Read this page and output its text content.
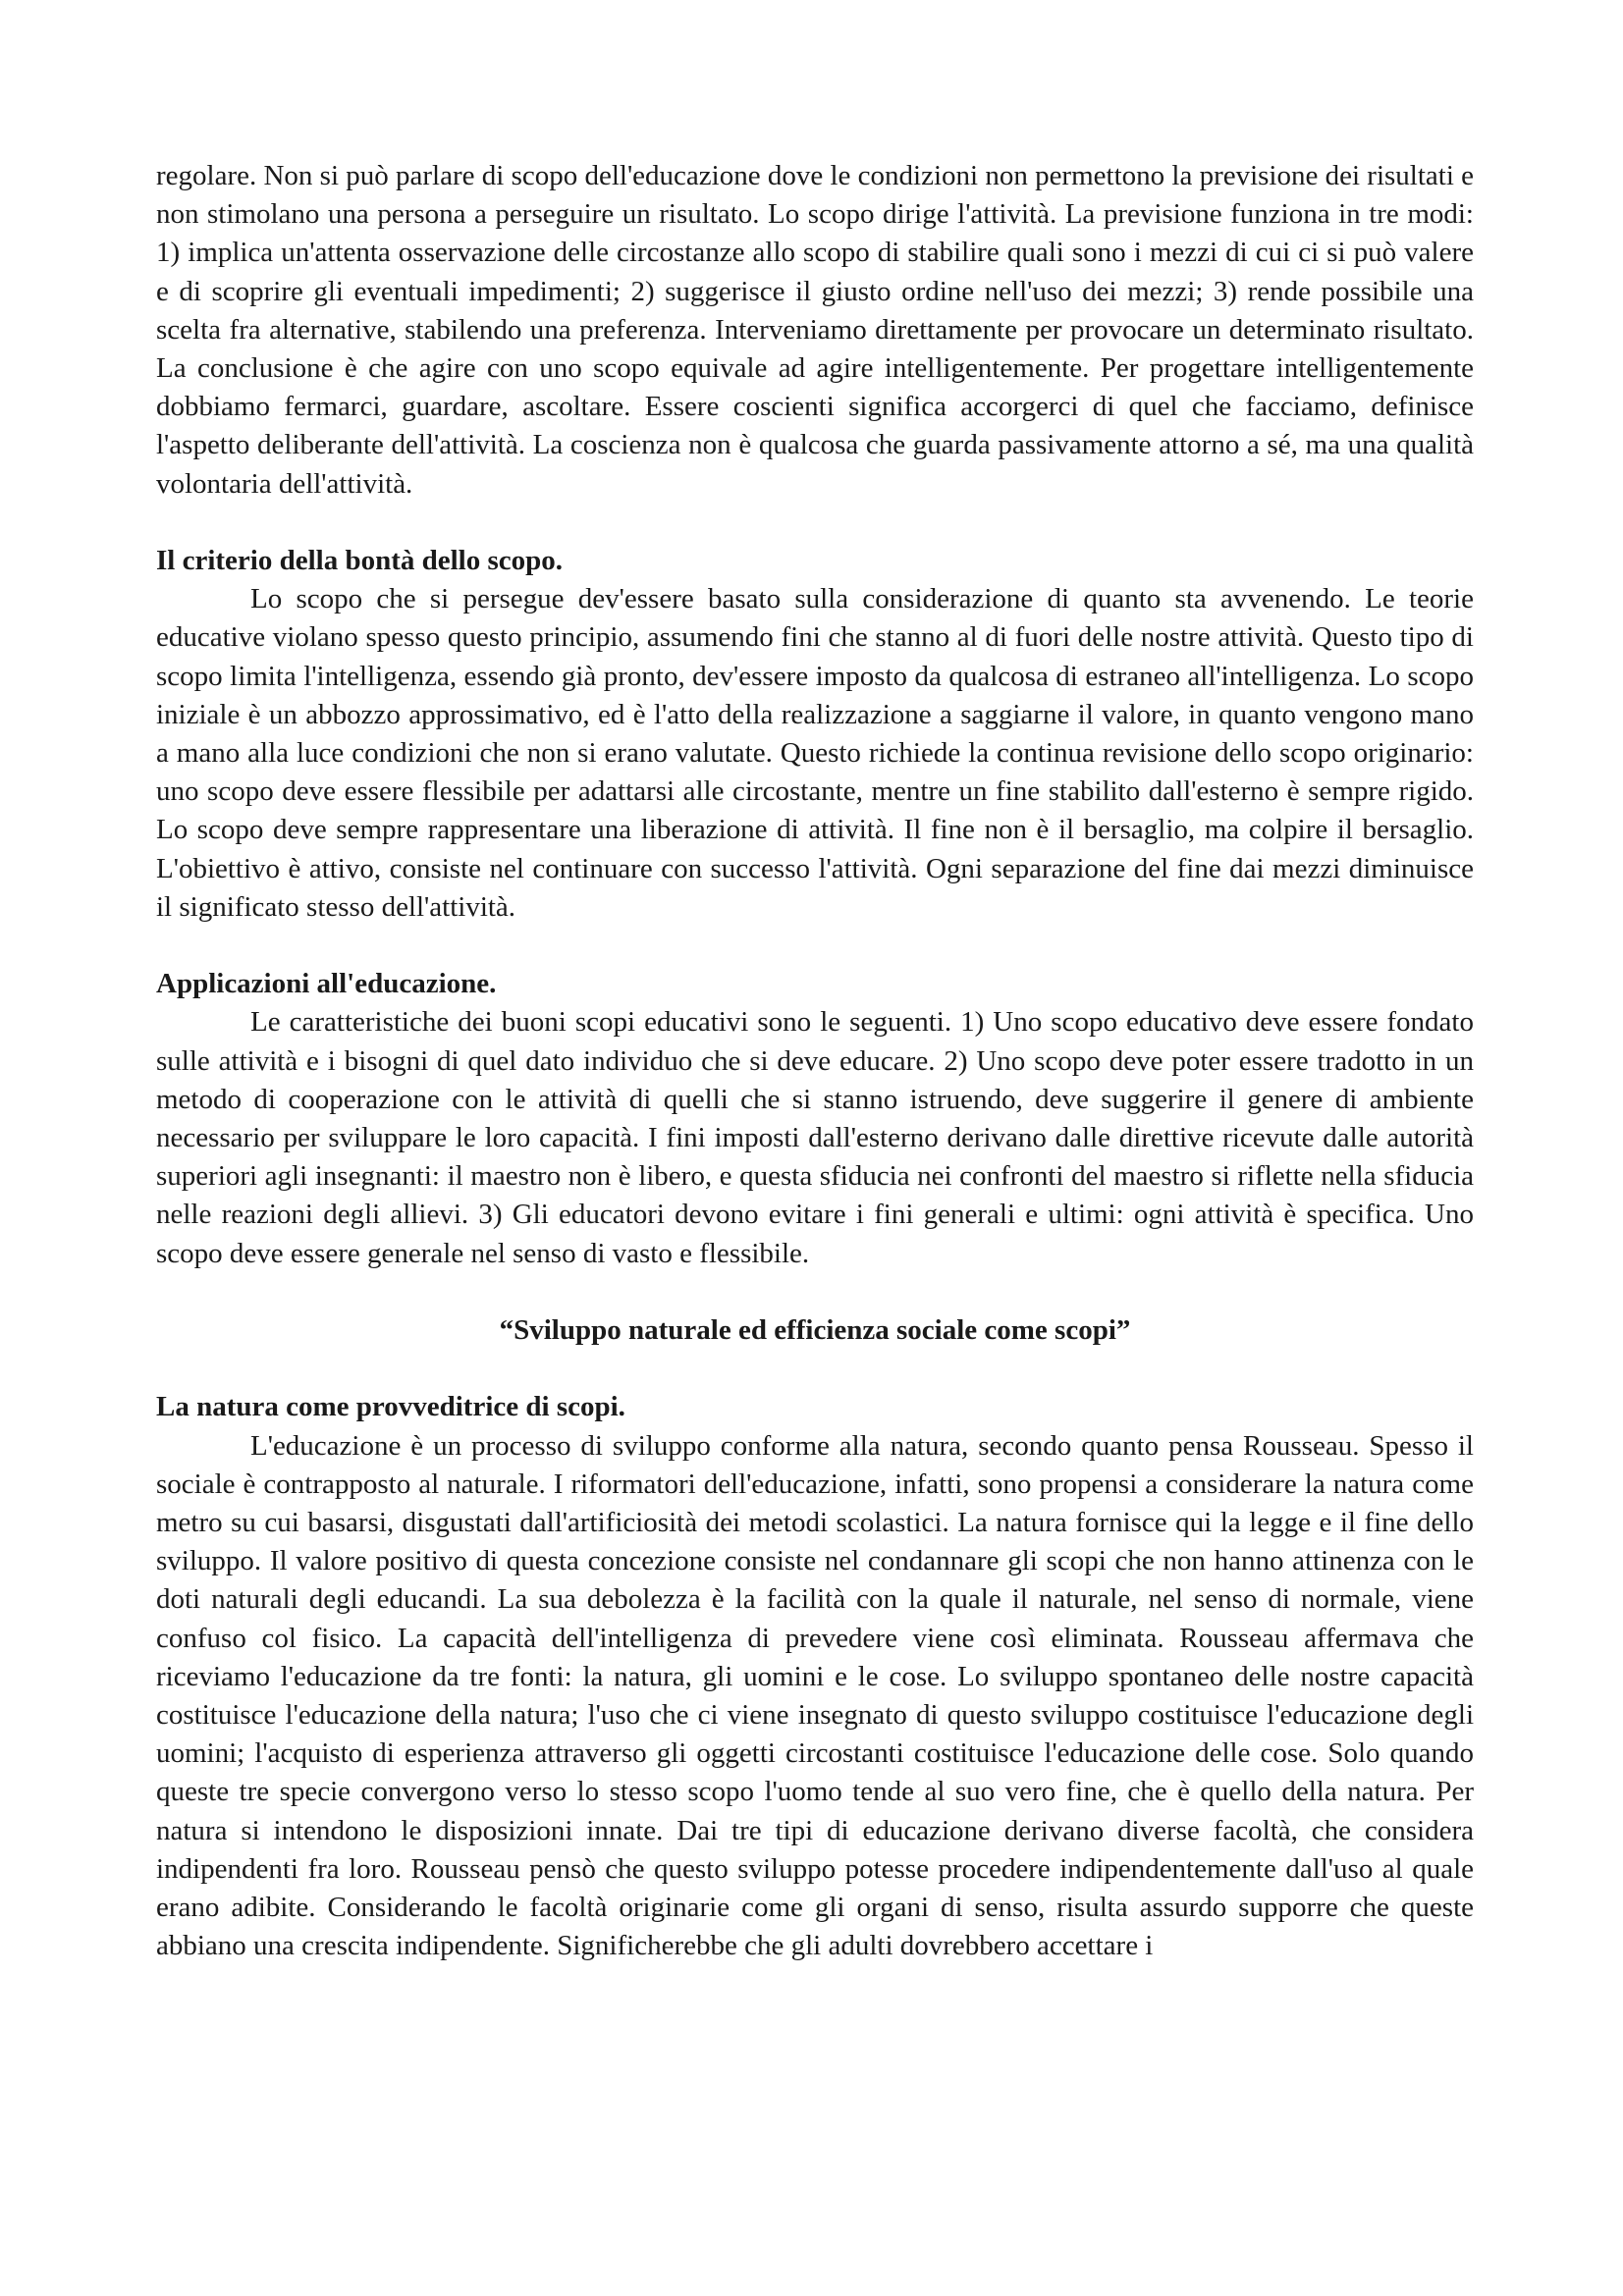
regolare. Non si può parlare di scopo dell'educazione dove le condizioni non permettono la previsione dei risultati e non stimolano una persona a perseguire un risultato. Lo scopo dirige l'attività. La previsione funziona in tre modi: 1) implica un'attenta osservazione delle circostanze allo scopo di stabilire quali sono i mezzi di cui ci si può valere e di scoprire gli eventuali impedimenti; 2) suggerisce il giusto ordine nell'uso dei mezzi; 3) rende possibile una scelta fra alternative, stabilendo una preferenza. Interveniamo direttamente per provocare un determinato risultato. La conclusione è che agire con uno scopo equivale ad agire intelligentemente. Per progettare intelligentemente dobbiamo fermarci, guardare, ascoltare. Essere coscienti significa accorgerci di quel che facciamo, definisce l'aspetto deliberante dell'attività. La coscienza non è qualcosa che guarda passivamente attorno a sé, ma una qualità volontaria dell'attività.

Il criterio della bontà dello scopo.

Lo scopo che si persegue dev'essere basato sulla considerazione di quanto sta avvenendo. Le teorie educative violano spesso questo principio, assumendo fini che stanno al di fuori delle nostre attività. Questo tipo di scopo limita l'intelligenza, essendo già pronto, dev'essere imposto da qualcosa di estraneo all'intelligenza. Lo scopo iniziale è un abbozzo approssimativo, ed è l'atto della realizzazione a saggiarne il valore, in quanto vengono mano a mano alla luce condizioni che non si erano valutate. Questo richiede la continua revisione dello scopo originario: uno scopo deve essere flessibile per adattarsi alle circostante, mentre un fine stabilito dall'esterno è sempre rigido. Lo scopo deve sempre rappresentare una liberazione di attività. Il fine non è il bersaglio, ma colpire il bersaglio. L'obiettivo è attivo, consiste nel continuare con successo l'attività. Ogni separazione del fine dai mezzi diminuisce il significato stesso dell'attività.

Applicazioni all'educazione.

Le caratteristiche dei buoni scopi educativi sono le seguenti. 1) Uno scopo educativo deve essere fondato sulle attività e i bisogni di quel dato individuo che si deve educare. 2) Uno scopo deve poter essere tradotto in un metodo di cooperazione con le attività di quelli che si stanno istruendo, deve suggerire il genere di ambiente necessario per sviluppare le loro capacità. I fini imposti dall'esterno derivano dalle direttive ricevute dalle autorità superiori agli insegnanti: il maestro non è libero, e questa sfiducia nei confronti del maestro si riflette nella sfiducia nelle reazioni degli allievi. 3) Gli educatori devono evitare i fini generali e ultimi: ogni attività è specifica. Uno scopo deve essere generale nel senso di vasto e flessibile.

“Sviluppo naturale ed efficienza sociale come scopi”
La natura come provveditrice di scopi.

L'educazione è un processo di sviluppo conforme alla natura, secondo quanto pensa Rousseau. Spesso il sociale è contrapposto al naturale. I riformatori dell'educazione, infatti, sono propensi a considerare la natura come metro su cui basarsi, disgustati dall'artificiosità dei metodi scolastici. La natura fornisce qui la legge e il fine dello sviluppo. Il valore positivo di questa concezione consiste nel condannare gli scopi che non hanno attinenza con le doti naturali degli educandi. La sua debolezza è la facilità con la quale il naturale, nel senso di normale, viene confuso col fisico. La capacità dell'intelligenza di prevedere viene così eliminata. Rousseau affermava che riceviamo l'educazione da tre fonti: la natura, gli uomini e le cose. Lo sviluppo spontaneo delle nostre capacità costituisce l'educazione della natura; l'uso che ci viene insegnato di questo sviluppo costituisce l'educazione degli uomini; l'acquisto di esperienza attraverso gli oggetti circostanti costituisce l'educazione delle cose. Solo quando queste tre specie convergono verso lo stesso scopo l'uomo tende al suo vero fine, che è quello della natura. Per natura si intendono le disposizioni innate. Dai tre tipi di educazione derivano diverse facoltà, che considera indipendenti fra loro. Rousseau pensò che questo sviluppo potesse procedere indipendentemente dall'uso al quale erano adibite. Considerando le facoltà originarie come gli organi di senso, risulta assurdo supporre che queste abbiano una crescita indipendente. Significherebbe che gli adulti dovrebbero accettare i
